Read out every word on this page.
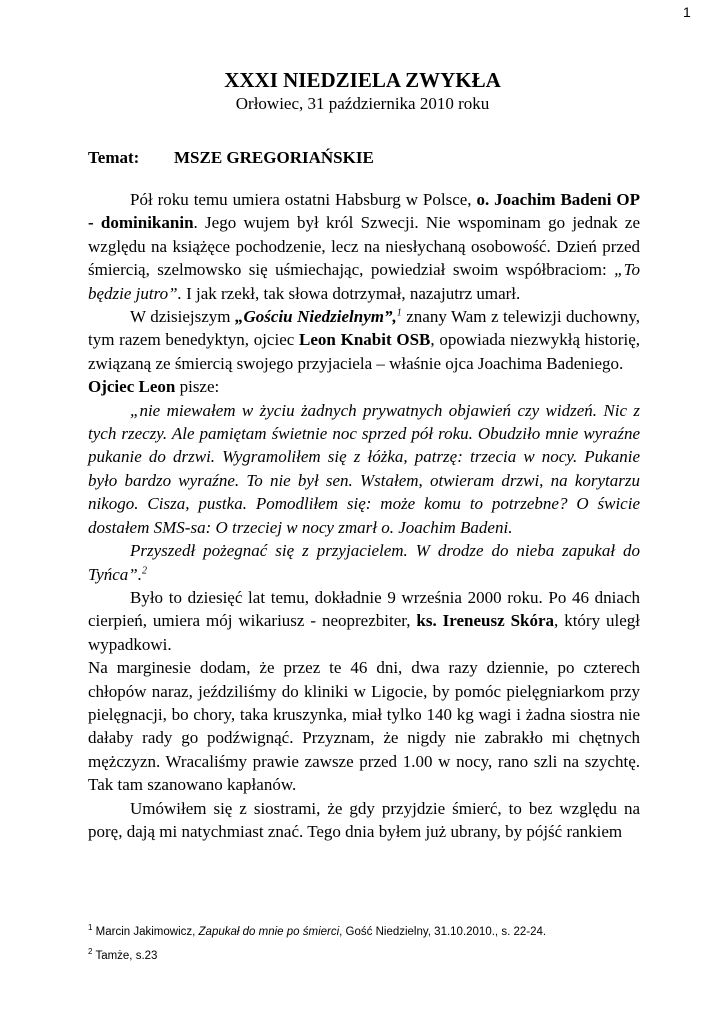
1
XXXI NIEDZIELA ZWYKŁA
Orłowiec, 31 października 2010 roku
Temat: MSZE GREGORIAŃSKIE

Pół roku temu umiera ostatni Habsburg w Polsce, o. Joachim Badeni OP - dominikanin. Jego wujem był król Szwecji. Nie wspominam go jednak ze względu na książęce pochodzenie, lecz na niesłychaną osobowość. Dzień przed śmiercią, szelmowsko się uśmiechając, powiedział swoim współbraciom: „To będzie jutro”. I jak rzekł, tak słowa dotrzymał, nazajutrz umarł.

W dzisiejszym „Gościu Niedzielnym”,$^1$ znany Wam z telewizji duchowny, tym razem benedyktyn, ojciec Leon Knabit OSB, opowiada niezwykłą historię, związaną ze śmiercią swojego przyjaciela – właśnie ojca Joachima Badeniego.

Ojciec Leon pisze:

„nie miewałem w życiu żadnych prywatnych objawień czy widzeń. Nic z tych rzeczy. Ale pamiętam świetnie noc sprzed pół roku. Obudziło mnie wyraźne pukanie do drzwi. Wygramoliłem się z łóżka, patrzę: trzecia w nocy. Pukanie było bardzo wyraźne. To nie był sen. Wstałem, otwieram drzwi, na korytarzu nikogo. Cisza, pustka. Pomodliłem się: może komu to potrzebne? O świcie dostałem SMS-sa: O trzeciej w nocy zmarł o. Joachim Badeni.

Przyszedł pożegnać się z przyjacielem. W drodze do nieba zapukał do Tyńca”.$^2$

Było to dziesięć lat temu, dokładnie 9 września 2000 roku. Po 46 dniach cierpień, umiera mój wikariusz - neoprezbiter, ks. Ireneusz Skóra, który uległ wypadkowi.

Na marginesie dodam, że przez te 46 dni, dwa razy dziennie, po czterech chłopów naraz, jeździliśmy do kliniki w Ligocie, by pomóc pielęgniarkom przy pielęgnacji, bo chory, taka kruszynka, miał tylko 140 kg wagi i żadna siostra nie dałaby rady go podźwignąć. Przyznam, że nigdy nie zabrakło mi chętnych mężczyzn. Wracaliśmy prawie zawsze przed 1.00 w nocy, rano szli na szychtę. Tak tam szanowano kapłanów.

Umówiłem się z siostrami, że gdy przyjdzie śmierć, to bez względu na porę, dają mi natychmiast znać. Tego dnia byłem już ubrany, by pójść rankiem

$^1$ Marcin Jakimowicz, Zapukał do mnie po śmierci, Gość Niedzielny, 31.10.2010., s. 22-24.
$^2$ Tamże, s.23
